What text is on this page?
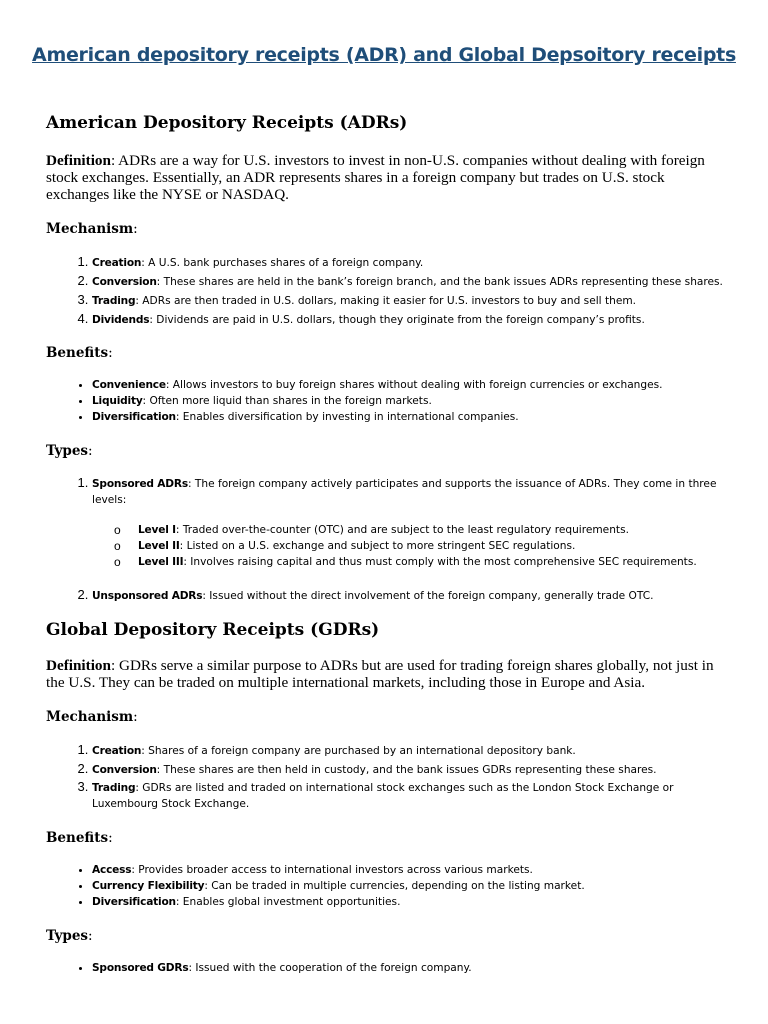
American depository receipts (ADR) and Global Depsoitory receipts
American Depository Receipts (ADRs)

Definition: ADRs are a way for U.S. investors to invest in non-U.S. companies without dealing with foreign stock exchanges. Essentially, an ADR represents shares in a foreign company but trades on U.S. stock exchanges like the NYSE or NASDAQ.

Mechanism:

1. Creation: A U.S. bank purchases shares of a foreign company.
2. Conversion: These shares are held in the bank’s foreign branch, and the bank issues ADRs representing these shares.
3. Trading: ADRs are then traded in U.S. dollars, making it easier for U.S. investors to buy and sell them.
4. Dividends: Dividends are paid in U.S. dollars, though they originate from the foreign company’s profits.

Benefits:

• Convenience: Allows investors to buy foreign shares without dealing with foreign currencies or exchanges.
• Liquidity: Often more liquid than shares in the foreign markets.
• Diversification: Enables diversification by investing in international companies.

Types:

1. Sponsored ADRs: The foreign company actively participates and supports the issuance of ADRs. They come in three levels:
o Level I: Traded over-the-counter (OTC) and are subject to the least regulatory requirements.
o Level II: Listed on a U.S. exchange and subject to more stringent SEC regulations.
o Level III: Involves raising capital and thus must comply with the most comprehensive SEC requirements.
2. Unsponsored ADRs: Issued without the direct involvement of the foreign company, generally trade OTC.
Global Depository Receipts (GDRs)

Definition: GDRs serve a similar purpose to ADRs but are used for trading foreign shares globally, not just in the U.S. They can be traded on multiple international markets, including those in Europe and Asia.

Mechanism:

1. Creation: Shares of a foreign company are purchased by an international depository bank.
2. Conversion: These shares are then held in custody, and the bank issues GDRs representing these shares.
3. Trading: GDRs are listed and traded on international stock exchanges such as the London Stock Exchange or Luxembourg Stock Exchange.

Benefits:

• Access: Provides broader access to international investors across various markets.
• Currency Flexibility: Can be traded in multiple currencies, depending on the listing market.
• Diversification: Enables global investment opportunities.

Types:

• Sponsored GDRs: Issued with the cooperation of the foreign company.
